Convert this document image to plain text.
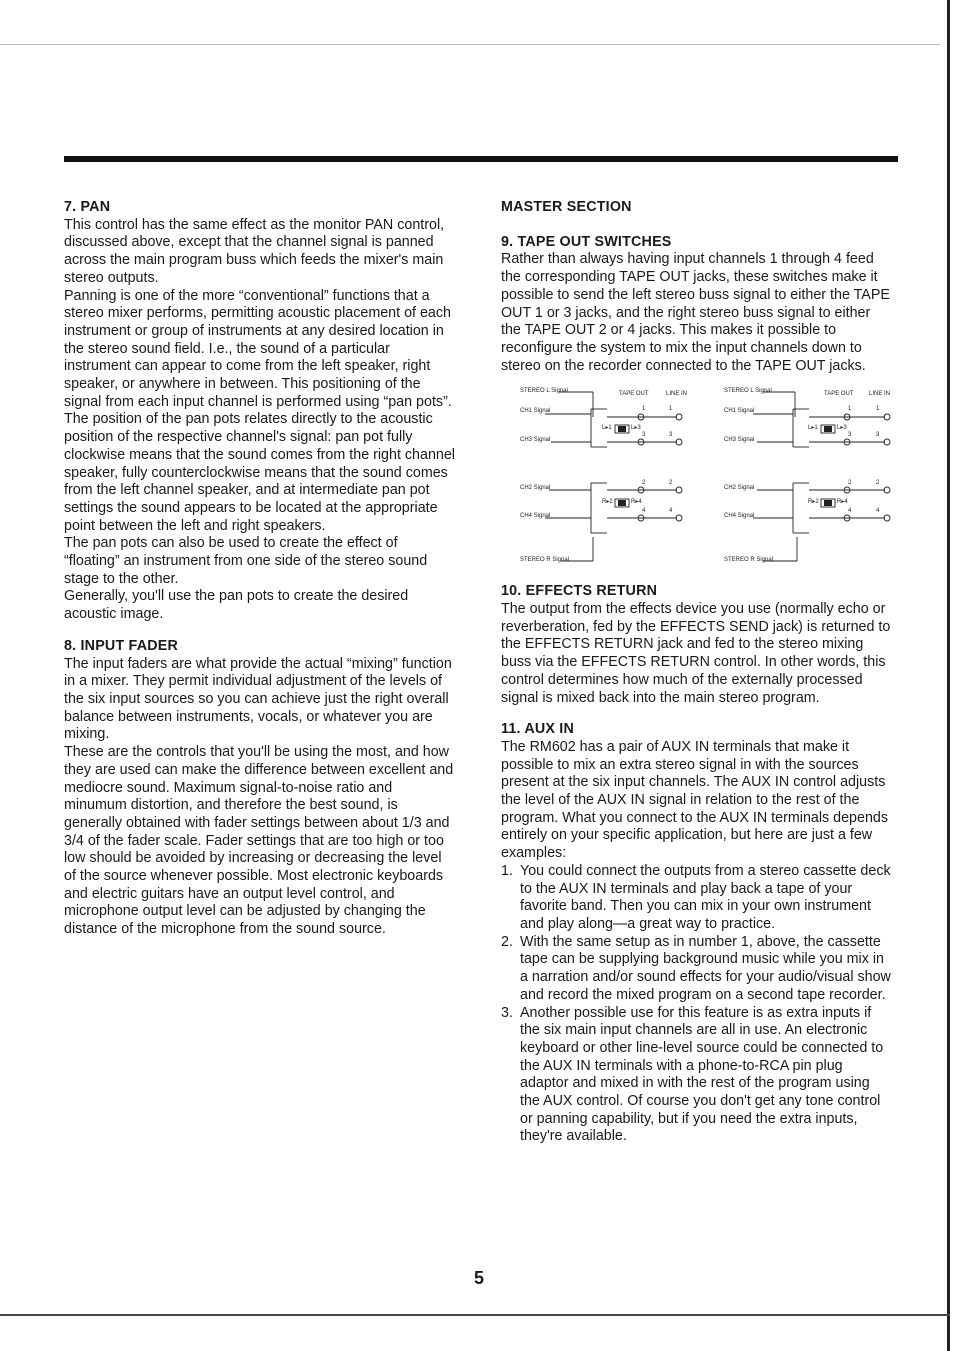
7. PAN

This control has the same effect as the monitor PAN control, discussed above, except that the channel signal is panned across the main program buss which feeds the mixer's main stereo outputs.

Panning is one of the more “conventional” functions that a stereo mixer performs, permitting acoustic placement of each instrument or group of instruments at any desired location in the stereo sound field. I.e., the sound of a particular instrument can appear to come from the left speaker, right speaker, or anywhere in between. This positioning of the signal from each input channel is performed using “pan pots”. The position of the pan pots relates directly to the acoustic position of the respective channel's signal: pan pot fully clockwise means that the sound comes from the right channel speaker, fully counterclockwise means that the sound comes from the left channel speaker, and at intermediate pan pot settings the sound appears to be located at the appropriate point between the left and right speakers.

The pan pots can also be used to create the effect of “floating” an instrument from one side of the stereo sound stage to the other.

Generally, you'll use the pan pots to create the desired acoustic image.

8. INPUT FADER

The input faders are what provide the actual “mixing” function in a mixer. They permit individual adjustment of the levels of the six input sources so you can achieve just the right overall balance between instruments, vocals, or whatever you are mixing.

These are the controls that you'll be using the most, and how they are used can make the difference between excellent and mediocre sound. Maximum signal-to-noise ratio and minumum distortion, and therefore the best sound, is generally obtained with fader settings between about 1/3 and 3/4 of the fader scale. Fader settings that are too high or too low should be avoided by increasing or decreasing the level of the source whenever possible. Most electronic keyboards and electric guitars have an output level control, and microphone output level can be adjusted by changing the distance of the microphone from the sound source.

MASTER SECTION
9. TAPE OUT SWITCHES

Rather than always having input channels 1 through 4 feed the corresponding TAPE OUT jacks, these switches make it possible to send the left stereo buss signal to either the TAPE OUT 1 or 3 jacks, and the right stereo buss signal to either the TAPE OUT 2 or 4 jacks. This makes it possible to reconfigure the system to mix the input channels down to stereo on the recorder connected to the TAPE OUT jacks.

STEREO L Signal	TAPE OUT	LINE IN
CH1 Signal
CH3 Signal
L▸1	L▸3
1	1
3	3
CH2 Signal
CH4 Signal
R▸2	R▸4
2	2
4	4
STEREO R Signal
STEREO L Signal	TAPE OUT	LINE IN
CH1 Signal
CH3 Signal
L▸1	L▸3
1	1
3	3
CH2 Signal
CH4 Signal
R▸2	R▸4
2	2
4	4
STEREO R Signal
10. EFFECTS RETURN

The output from the effects device you use (normally echo or reverberation, fed by the EFFECTS SEND jack) is returned to the EFFECTS RETURN jack and fed to the stereo mixing buss via the EFFECTS RETURN control. In other words, this control determines how much of the externally processed signal is mixed back into the main stereo program.

11. AUX IN

The RM602 has a pair of AUX IN terminals that make it possible to mix an extra stereo signal in with the sources present at the six input channels. The AUX IN control adjusts the level of the AUX IN signal in relation to the rest of the program. What you connect to the AUX IN terminals depends entirely on your specific application, but here are just a few examples:

1. You could connect the outputs from a stereo cassette deck to the AUX IN terminals and play back a tape of your favorite band. Then you can mix in your own instrument and play along—a great way to practice.
2. With the same setup as in number 1, above, the cassette tape can be supplying background music while you mix in a narration and/or sound effects for your audio/visual show and record the mixed program on a second tape recorder.
3. Another possible use for this feature is as extra inputs if the six main input channels are all in use. An electronic keyboard or other line-level source could be connected to the AUX IN terminals with a phone-to-RCA pin plug adaptor and mixed in with the rest of the program using the AUX control. Of course you don't get any tone control or panning capability, but if you need the extra inputs, they're available.
5
